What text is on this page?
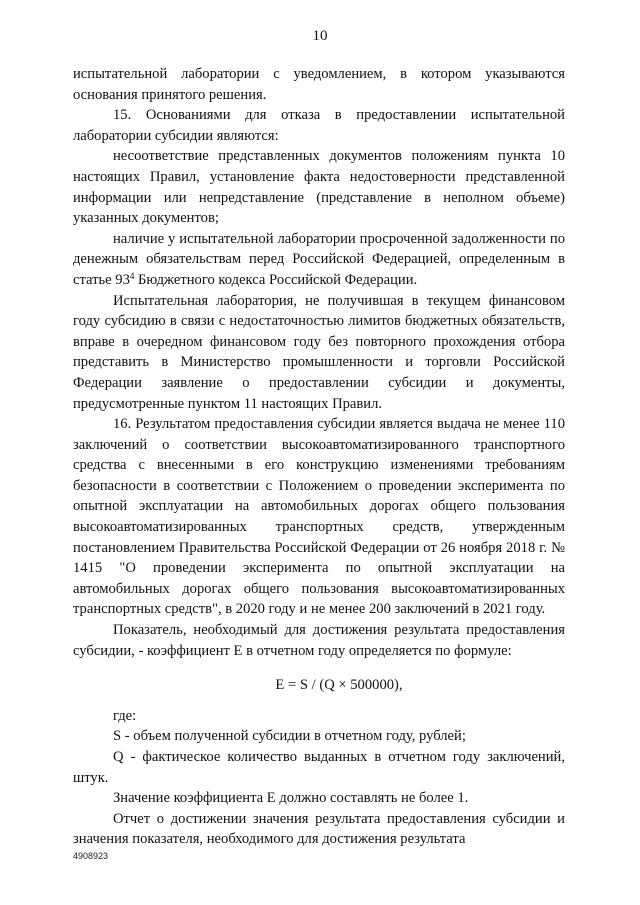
10

испытательной лаборатории с уведомлением, в котором указываются основания принятого решения.

15. Основаниями для отказа в предоставлении испытательной лаборатории субсидии являются:

несоответствие представленных документов положениям пункта 10 настоящих Правил, установление факта недостоверности представленной информации или непредставление (представление в неполном объеме) указанных документов;

наличие у испытательной лаборатории просроченной задолженности по денежным обязательствам перед Российской Федерацией, определенным в статье $93^4$ Бюджетного кодекса Российской Федерации.

Испытательная лаборатория, не получившая в текущем финансовом году субсидию в связи с недостаточностью лимитов бюджетных обязательств, вправе в очередном финансовом году без повторного прохождения отбора представить в Министерство промышленности и торговли Российской Федерации заявление о предоставлении субсидии и документы, предусмотренные пунктом 11 настоящих Правил.

16. Результатом предоставления субсидии является выдача не менее 110 заключений о соответствии высокоавтоматизированного транспортного средства с внесенными в его конструкцию изменениями требованиям безопасности в соответствии с Положением о проведении эксперимента по опытной эксплуатации на автомобильных дорогах общего пользования высокоавтоматизированных транспортных средств, утвержденным постановлением Правительства Российской Федерации от 26 ноября 2018 г. № 1415 "О проведении эксперимента по опытной эксплуатации на автомобильных дорогах общего пользования высокоавтоматизированных транспортных средств", в 2020 году и не менее 200 заключений в 2021 году.

Показатель, необходимый для достижения результата предоставления субсидии, - коэффициент E в отчетном году определяется по формуле:

E = S / (Q × 500000),

где:

S - объем полученной субсидии в отчетном году, рублей;

Q - фактическое количество выданных в отчетном году заключений, штук.

Значение коэффициента E должно составлять не более 1.

Отчет о достижении значения результата предоставления субсидии и значения показателя, необходимого для достижения результата

4908923
